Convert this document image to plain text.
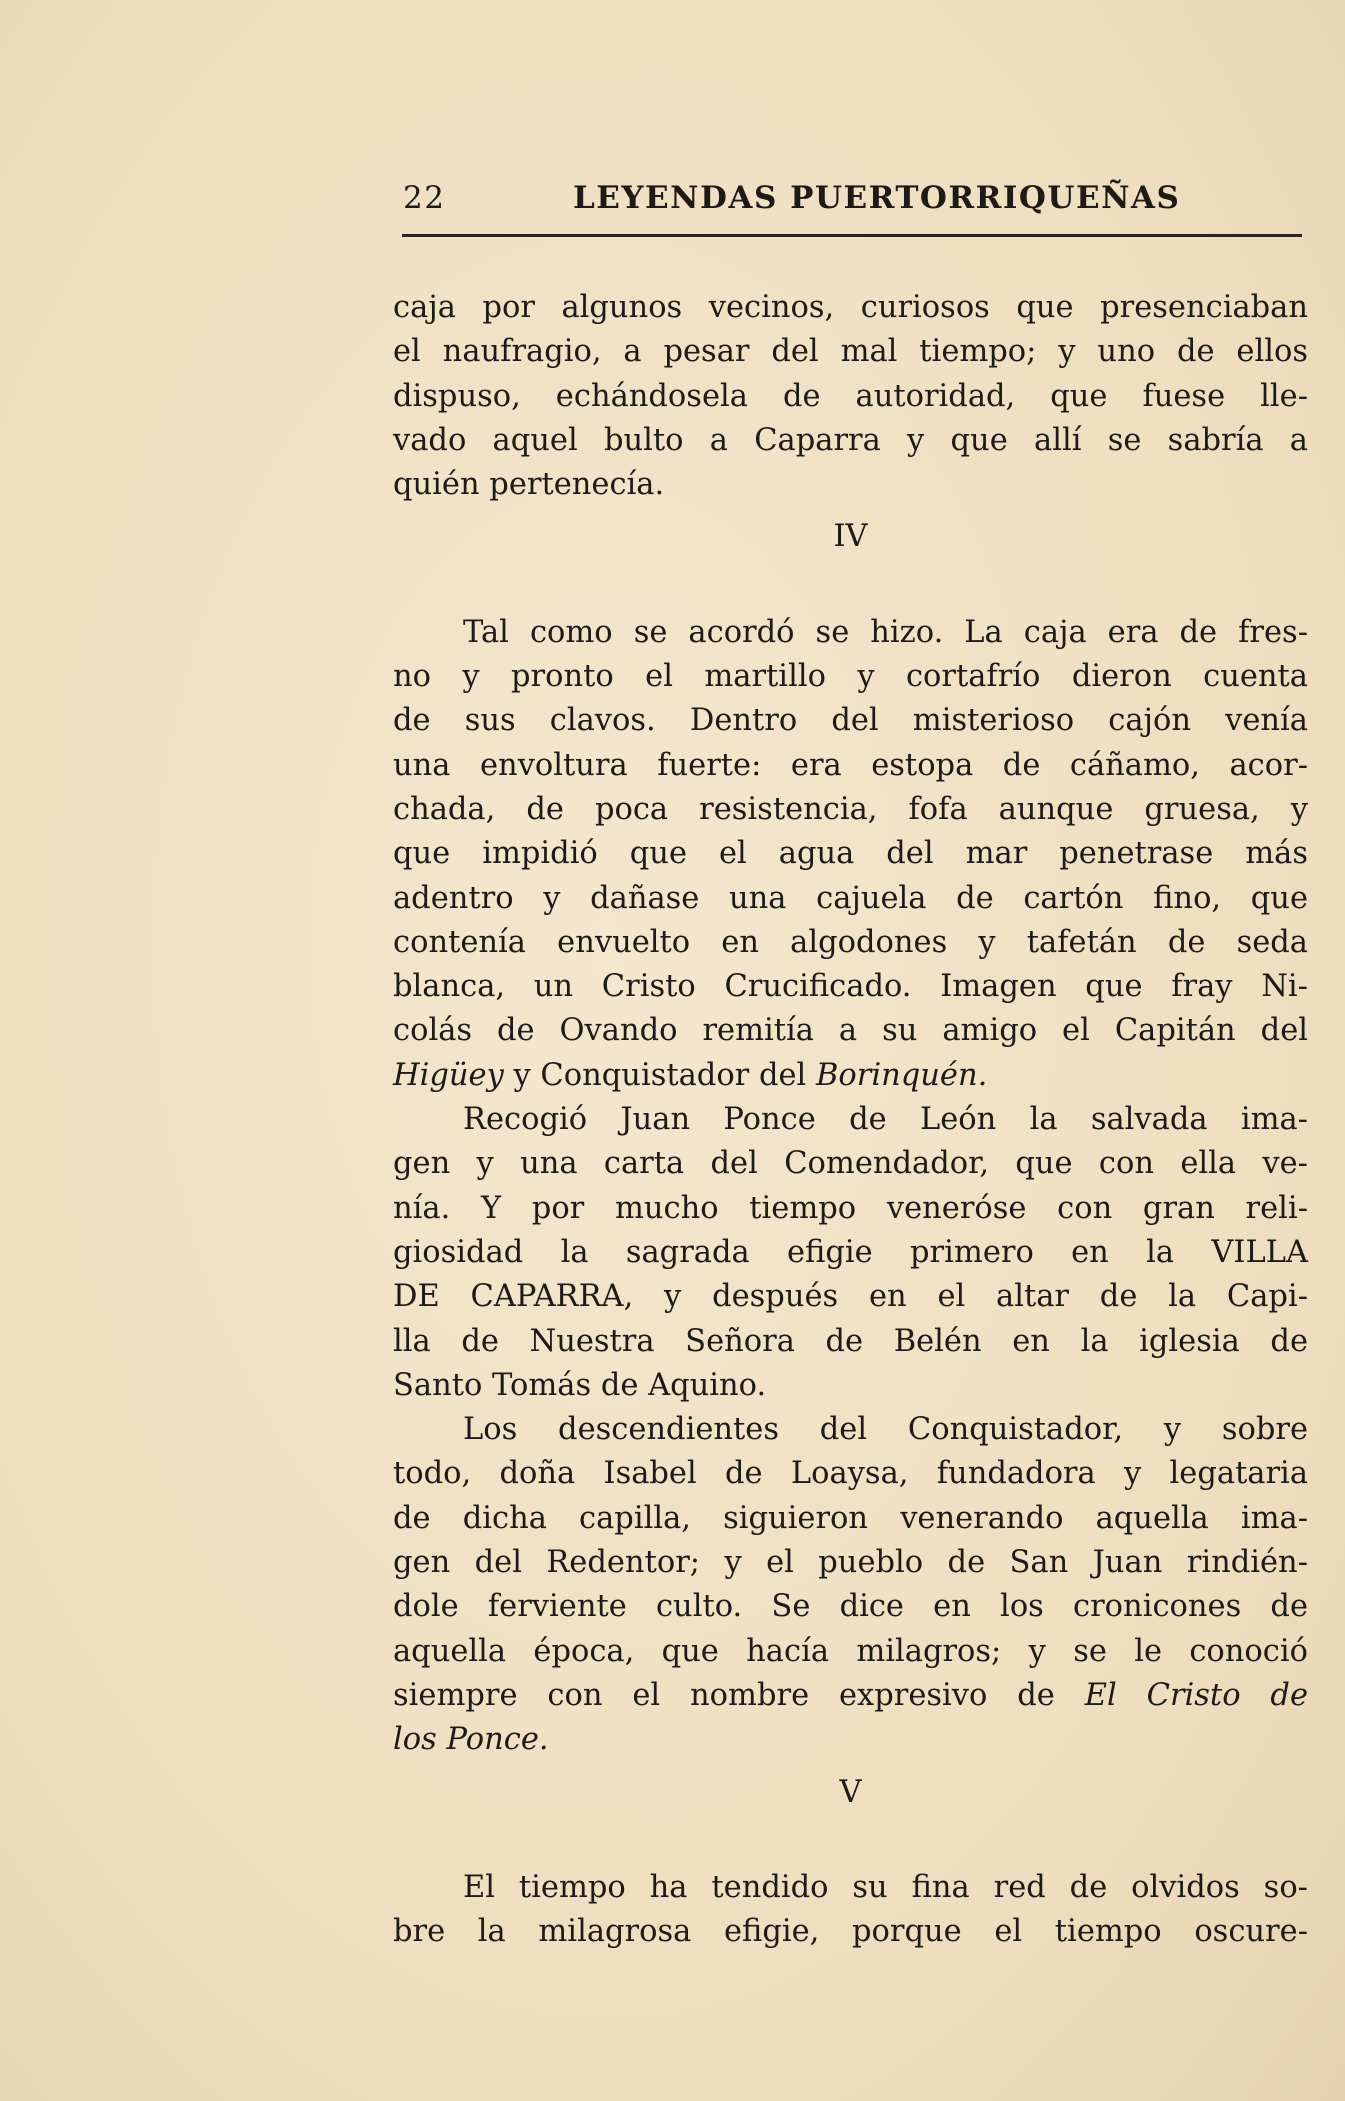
22	LEYENDAS PUERTORRIQUEÑAS
caja por algunos vecinos, curiosos que presenciaban
el naufragio, a pesar del mal tiempo; y uno de ellos
dispuso, echándosela de autoridad, que fuese lle-
vado aquel bulto a Caparra y que allí se sabría a
quién pertenecía.
IV
Tal como se acordó se hizo. La caja era de fres-
no y pronto el martillo y cortafrío dieron cuenta
de sus clavos. Dentro del misterioso cajón venía
una envoltura fuerte: era estopa de cáñamo, acor-
chada, de poca resistencia, fofa aunque gruesa, y
que impidió que el agua del mar penetrase más
adentro y dañase una cajuela de cartón fino, que
contenía envuelto en algodones y tafetán de seda
blanca, un Cristo Crucificado. Imagen que fray Ni-
colás de Ovando remitía a su amigo el Capitán del
Higüey y Conquistador del Borinquén.
Recogió Juan Ponce de León la salvada ima-
gen y una carta del Comendador, que con ella ve-
nía. Y por mucho tiempo veneróse con gran reli-
giosidad la sagrada efigie primero en la VILLA
DE CAPARRA, y después en el altar de la Capi-
lla de Nuestra Señora de Belén en la iglesia de
Santo Tomás de Aquino.
Los descendientes del Conquistador, y sobre
todo, doña Isabel de Loaysa, fundadora y legataria
de dicha capilla, siguieron venerando aquella ima-
gen del Redentor; y el pueblo de San Juan rindién-
dole ferviente culto. Se dice en los cronicones de
aquella época, que hacía milagros; y se le conoció
siempre con el nombre expresivo de El Cristo de
los Ponce.
V
El tiempo ha tendido su fina red de olvidos so-
bre la milagrosa efigie, porque el tiempo oscure-
